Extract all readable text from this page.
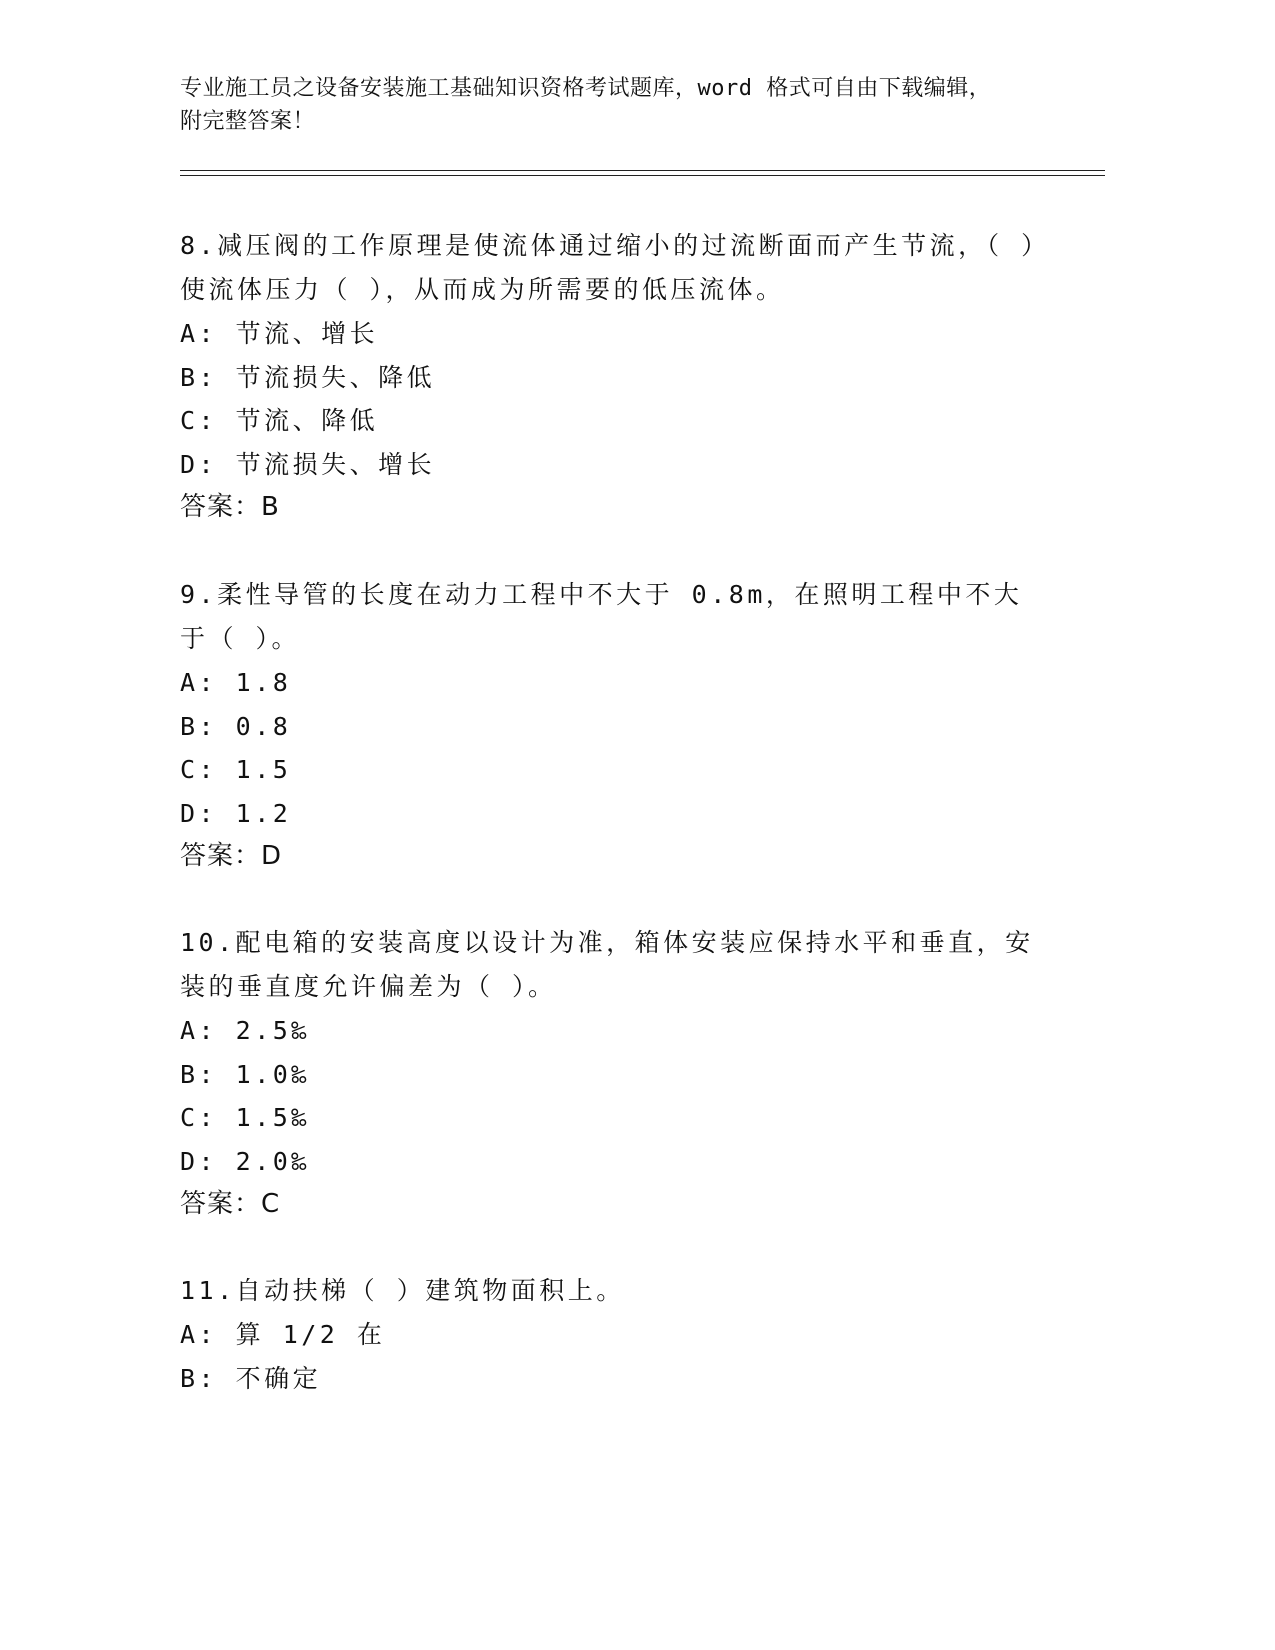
专业施工员之设备安装施工基础知识资格考试题库，word 格式可自由下载编辑，
附完整答案！

8.减压阀的工作原理是使流体通过缩小的过流断面而产生节流，（ ）使流体压力（ ），从而成为所需要的低压流体。

A: 节流、增长

B: 节流损失、降低

C: 节流、降低

D: 节流损失、增长

答案：B

9.柔性导管的长度在动力工程中不大于 0.8m，在照明工程中不大于（ ）。

A: 1.8

B: 0.8

C: 1.5

D: 1.2

答案：D

10.配电箱的安装高度以设计为准，箱体安装应保持水平和垂直，安装的垂直度允许偏差为（ ）。

A: 2.5‰

B: 1.0‰

C: 1.5‰

D: 2.0‰

答案：C

11.自动扶梯（ ）建筑物面积上。

A: 算 1/2 在

B: 不确定
